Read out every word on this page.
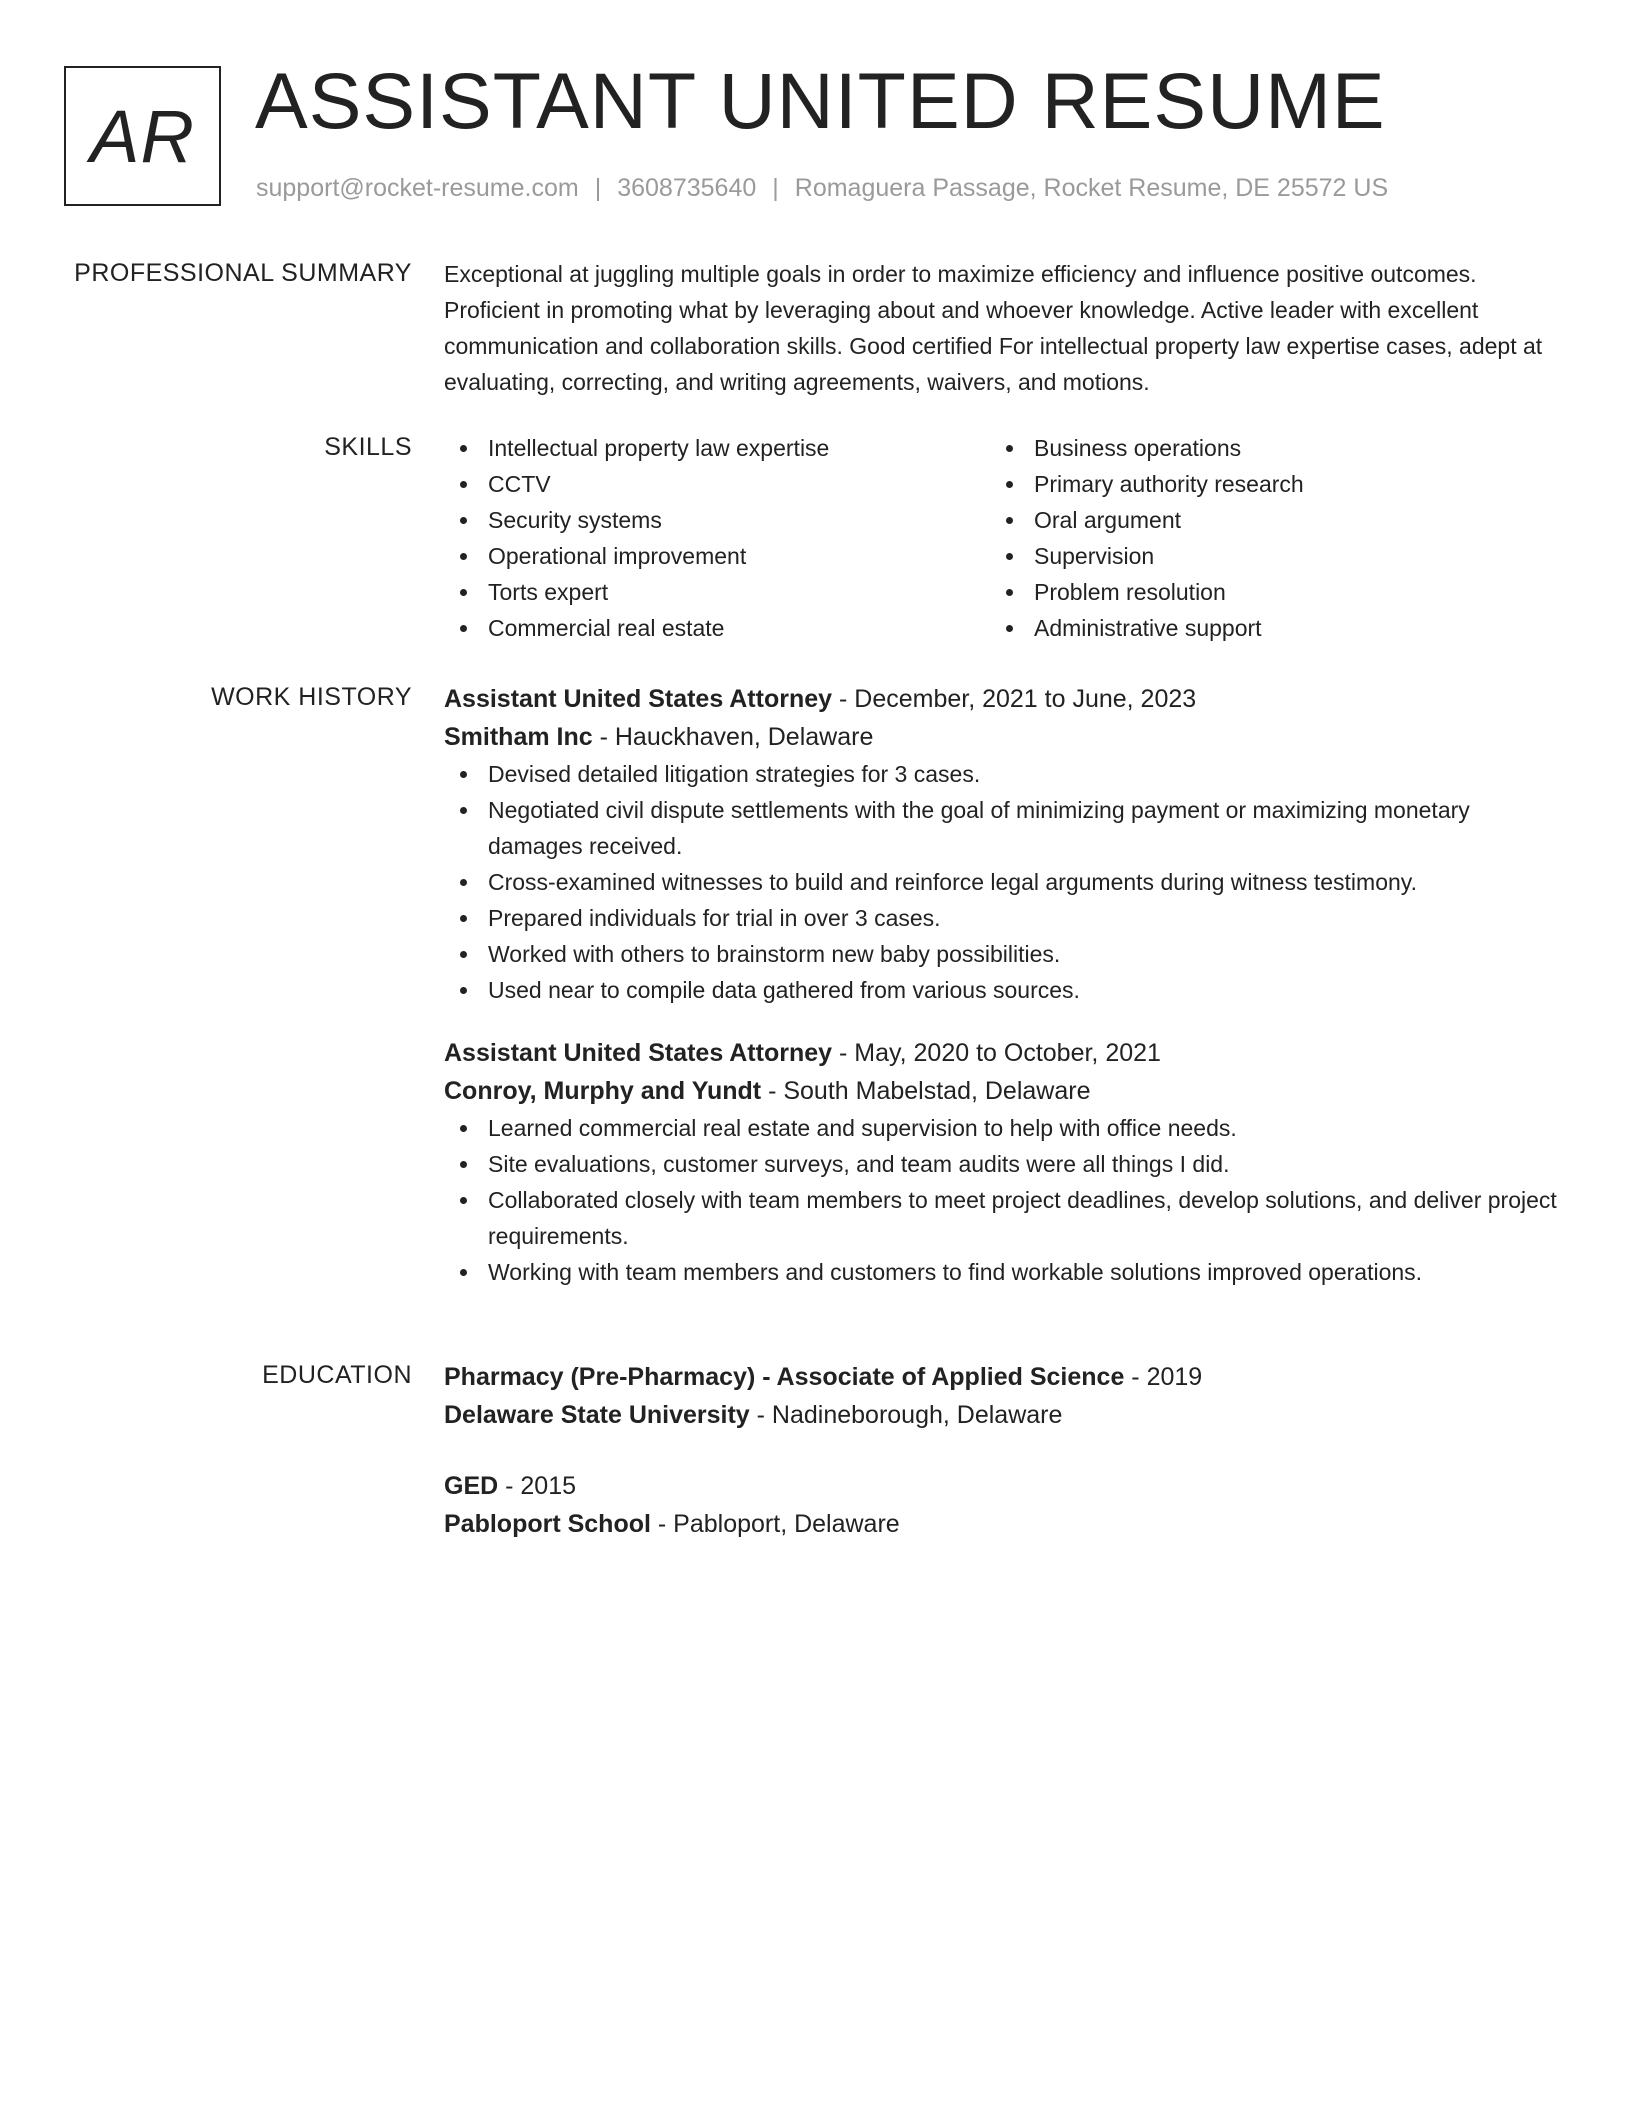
AR ASSISTANT UNITED RESUME
support@rocket-resume.com | 3608735640 | Romaguera Passage, Rocket Resume, DE 25572 US
PROFESSIONAL SUMMARY Exceptional at juggling multiple goals in order to maximize efficiency and influence positive outcomes. Proficient in promoting what by leveraging about and whoever knowledge. Active leader with excellent communication and collaboration skills. Good certified For intellectual property law expertise cases, adept at evaluating, correcting, and writing agreements, waivers, and motions.

SKILLS	Intellectual property law expertise
CCTV
Security systems
Operational improvement
Torts expert
Commercial real estate
Business operations
Primary authority research
Oral argument
Supervision
Problem resolution
Administrative support
WORK HISTORY Assistant United States Attorney - December, 2021 to June, 2023
Smitham Inc - Hauckhaven, Delaware
Devised detailed litigation strategies for 3 cases.
Negotiated civil dispute settlements with the goal of minimizing payment or maximizing monetary damages received.
Cross-examined witnesses to build and reinforce legal arguments during witness testimony.
Prepared individuals for trial in over 3 cases.
Worked with others to brainstorm new baby possibilities.
Used near to compile data gathered from various sources.
Assistant United States Attorney - May, 2020 to October, 2021
Conroy, Murphy and Yundt - South Mabelstad, Delaware
Learned commercial real estate and supervision to help with office needs.
Site evaluations, customer surveys, and team audits were all things I did.
Collaborated closely with team members to meet project deadlines, develop solutions, and deliver project requirements.
Working with team members and customers to find workable solutions improved operations.
EDUCATION Pharmacy (Pre-Pharmacy) - Associate of Applied Science - 2019
Delaware State University - Nadineborough, Delaware
GED - 2015
Pabloport School - Pabloport, Delaware
